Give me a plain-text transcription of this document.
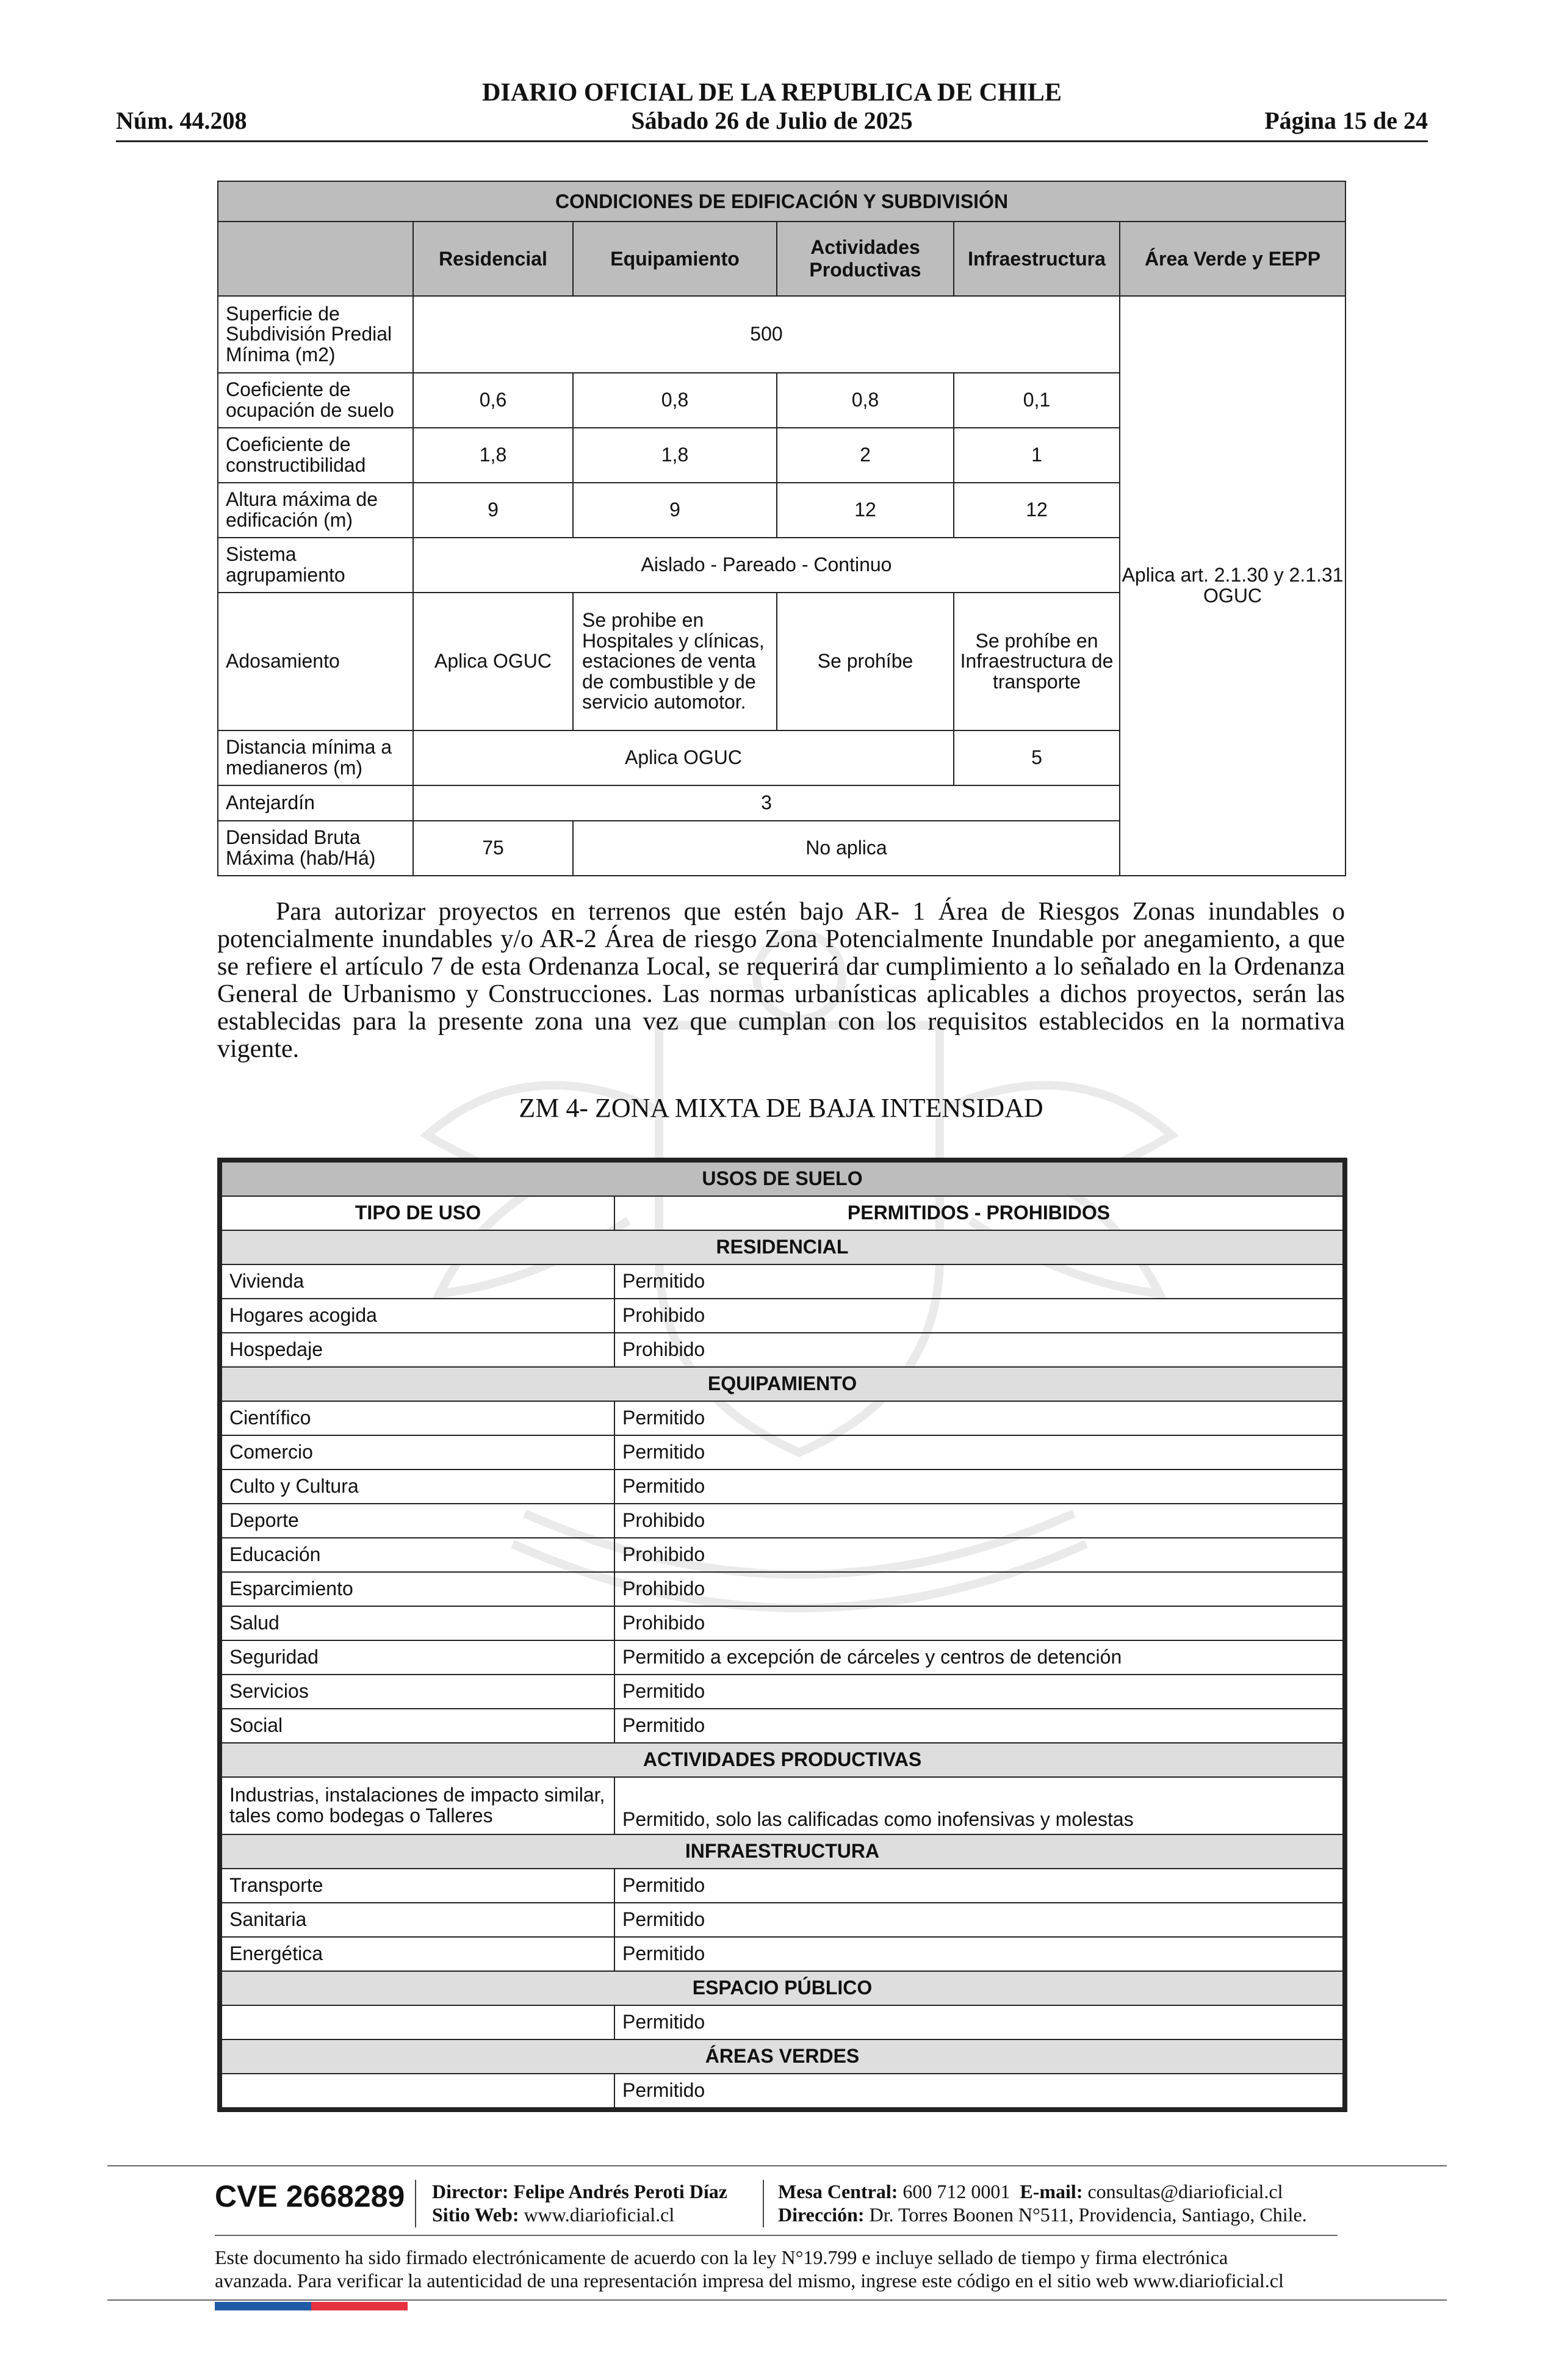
DIARIO OFICIAL DE LA REPUBLICA DE CHILE
Núm. 44.208	Sábado 26 de Julio de 2025	Página 15 de 24
CONDICIONES DE EDIFICACIÓN Y SUBDIVISIÓN					
	Residencial	Equipamiento	Actividades Productivas	Infraestructura	Área Verde y EEPP
Superficie de Subdivisión Predial Mínima (m2)	500				Aplica art. 2.1.30 y 2.1.31 OGUC
Coeficiente de ocupación de suelo	0,6	0,8	0,8	0,1	
Coeficiente de constructibilidad	1,8	1,8	2	1	
Altura máxima de edificación (m)	9	9	12	12	
Sistema agrupamiento	Aislado - Pareado - Continuo				
Adosamiento	Aplica OGUC	Se prohibe en Hospitales y clínicas, estaciones de venta de combustible y de servicio automotor.	Se prohíbe	Se prohíbe en Infraestructura de transporte	
Distancia mínima a medianeros (m)	Aplica OGUC			5	
Antejardín	3				
Densidad Bruta Máxima (hab/Há)	75	No aplica			

Para autorizar proyectos en terrenos que estén bajo AR- 1 Área de Riesgos Zonas inundables o potencialmente inundables y/o AR-2 Área de riesgo Zona Potencialmente Inundable por anegamiento, a que se refiere el artículo 7 de esta Ordenanza Local, se requerirá dar cumplimiento a lo señalado en la Ordenanza General de Urbanismo y Construcciones. Las normas urbanísticas aplicables a dichos proyectos, serán las establecidas para la presente zona una vez que cumplan con los requisitos establecidos en la normativa vigente.

ZM 4- ZONA MIXTA DE BAJA INTENSIDAD
USOS DE SUELO	
TIPO DE USO	PERMITIDOS - PROHIBIDOS
RESIDENCIAL	
Vivienda	Permitido
Hogares acogida	Prohibido
Hospedaje	Prohibido
EQUIPAMIENTO	
Científico	Permitido
Comercio	Permitido
Culto y Cultura	Permitido
Deporte	Prohibido
Educación	Prohibido
Esparcimiento	Prohibido
Salud	Prohibido
Seguridad	Permitido a excepción de cárceles y centros de detención
Servicios	Permitido
Social	Permitido
ACTIVIDADES PRODUCTIVAS	
Industrias, instalaciones de impacto similar, tales como bodegas o Talleres	Permitido, solo las calificadas como inofensivas y molestas
INFRAESTRUCTURA	
Transporte	Permitido
Sanitaria	Permitido
Energética	Permitido
ESPACIO PÚBLICO	
	Permitido
ÁREAS VERDES	
	Permitido
CVE 2668289 Director: Felipe Andrés Peroti Díaz
Sitio Web: www.diarioficial.cl
Mesa Central: 600 712 0001 E-mail: consultas@diarioficial.cl
Dirección: Dr. Torres Boonen N°511, Providencia, Santiago, Chile.
Este documento ha sido firmado electrónicamente de acuerdo con la ley N°19.799 e incluye sellado de tiempo y firma electrónica
avanzada. Para verificar la autenticidad de una representación impresa del mismo, ingrese este código en el sitio web www.diarioficial.cl
